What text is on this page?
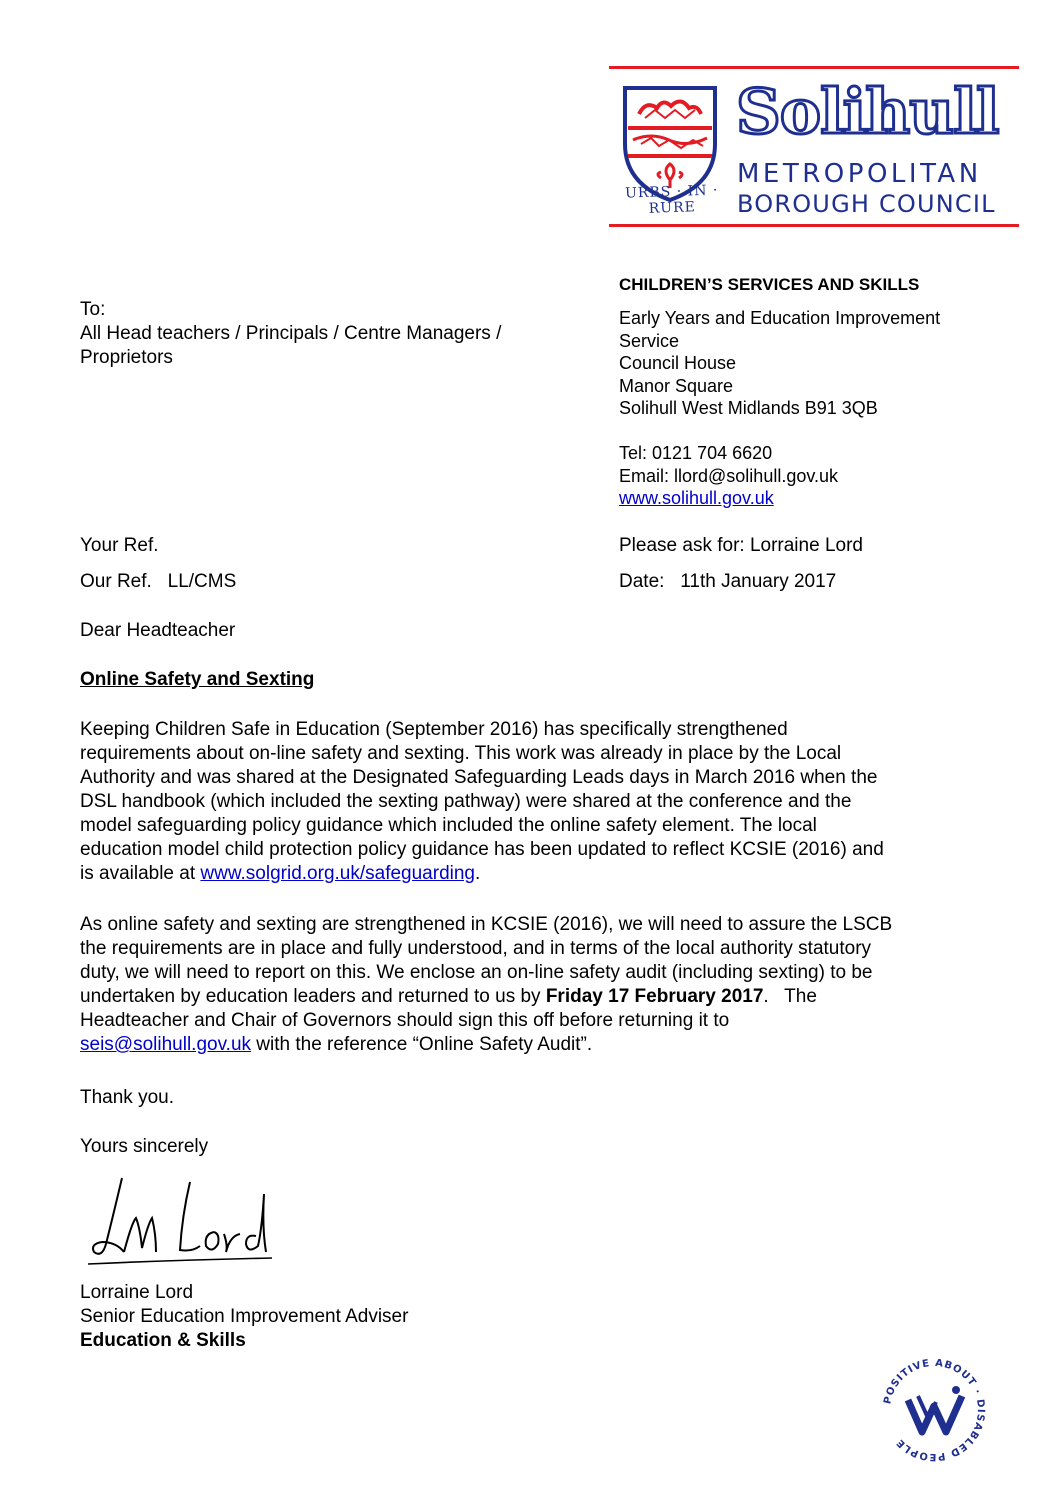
URBS · IN · RURE
Solihull
METROPOLITAN
BOROUGH COUNCIL
CHILDREN’S SERVICES AND SKILLS
Early Years and Education Improvement
Service
Council House
Manor Square
Solihull West Midlands B91 3QB
Tel: 0121 704 6620
Email: llord@solihull.gov.uk
www.solihull.gov.uk
To:
All Head teachers / Principals / Centre Managers /
Proprietors
Your Ref.
Our Ref.   LL/CMS
Please ask for: Lorraine Lord
Date:   11th January 2017
Dear Headteacher
Online Safety and Sexting
Keeping Children Safe in Education (September 2016) has specifically strengthened requirements about on-line safety and sexting. This work was already in place by the Local Authority and was shared at the Designated Safeguarding Leads days in March 2016 when the DSL handbook (which included the sexting pathway) were shared at the conference and the model safeguarding policy guidance which included the online safety element. The local education model child protection policy guidance has been updated to reflect KCSIE (2016) and is available at www.solgrid.org.uk/safeguarding.
As online safety and sexting are strengthened in KCSIE (2016), we will need to assure the LSCB the requirements are in place and fully understood, and in terms of the local authority statutory duty, we will need to report on this. We enclose an on-line safety audit (including sexting) to be undertaken by education leaders and returned to us by Friday 17 February 2017.   The Headteacher and Chair of Governors should sign this off before returning it to seis@solihull.gov.uk with the reference “Online Safety Audit”.
Thank you.
Yours sincerely
Lorraine Lord
Senior Education Improvement Adviser
Education & Skills
POSITIVE ABOUT · DISABLED PEOPLE
